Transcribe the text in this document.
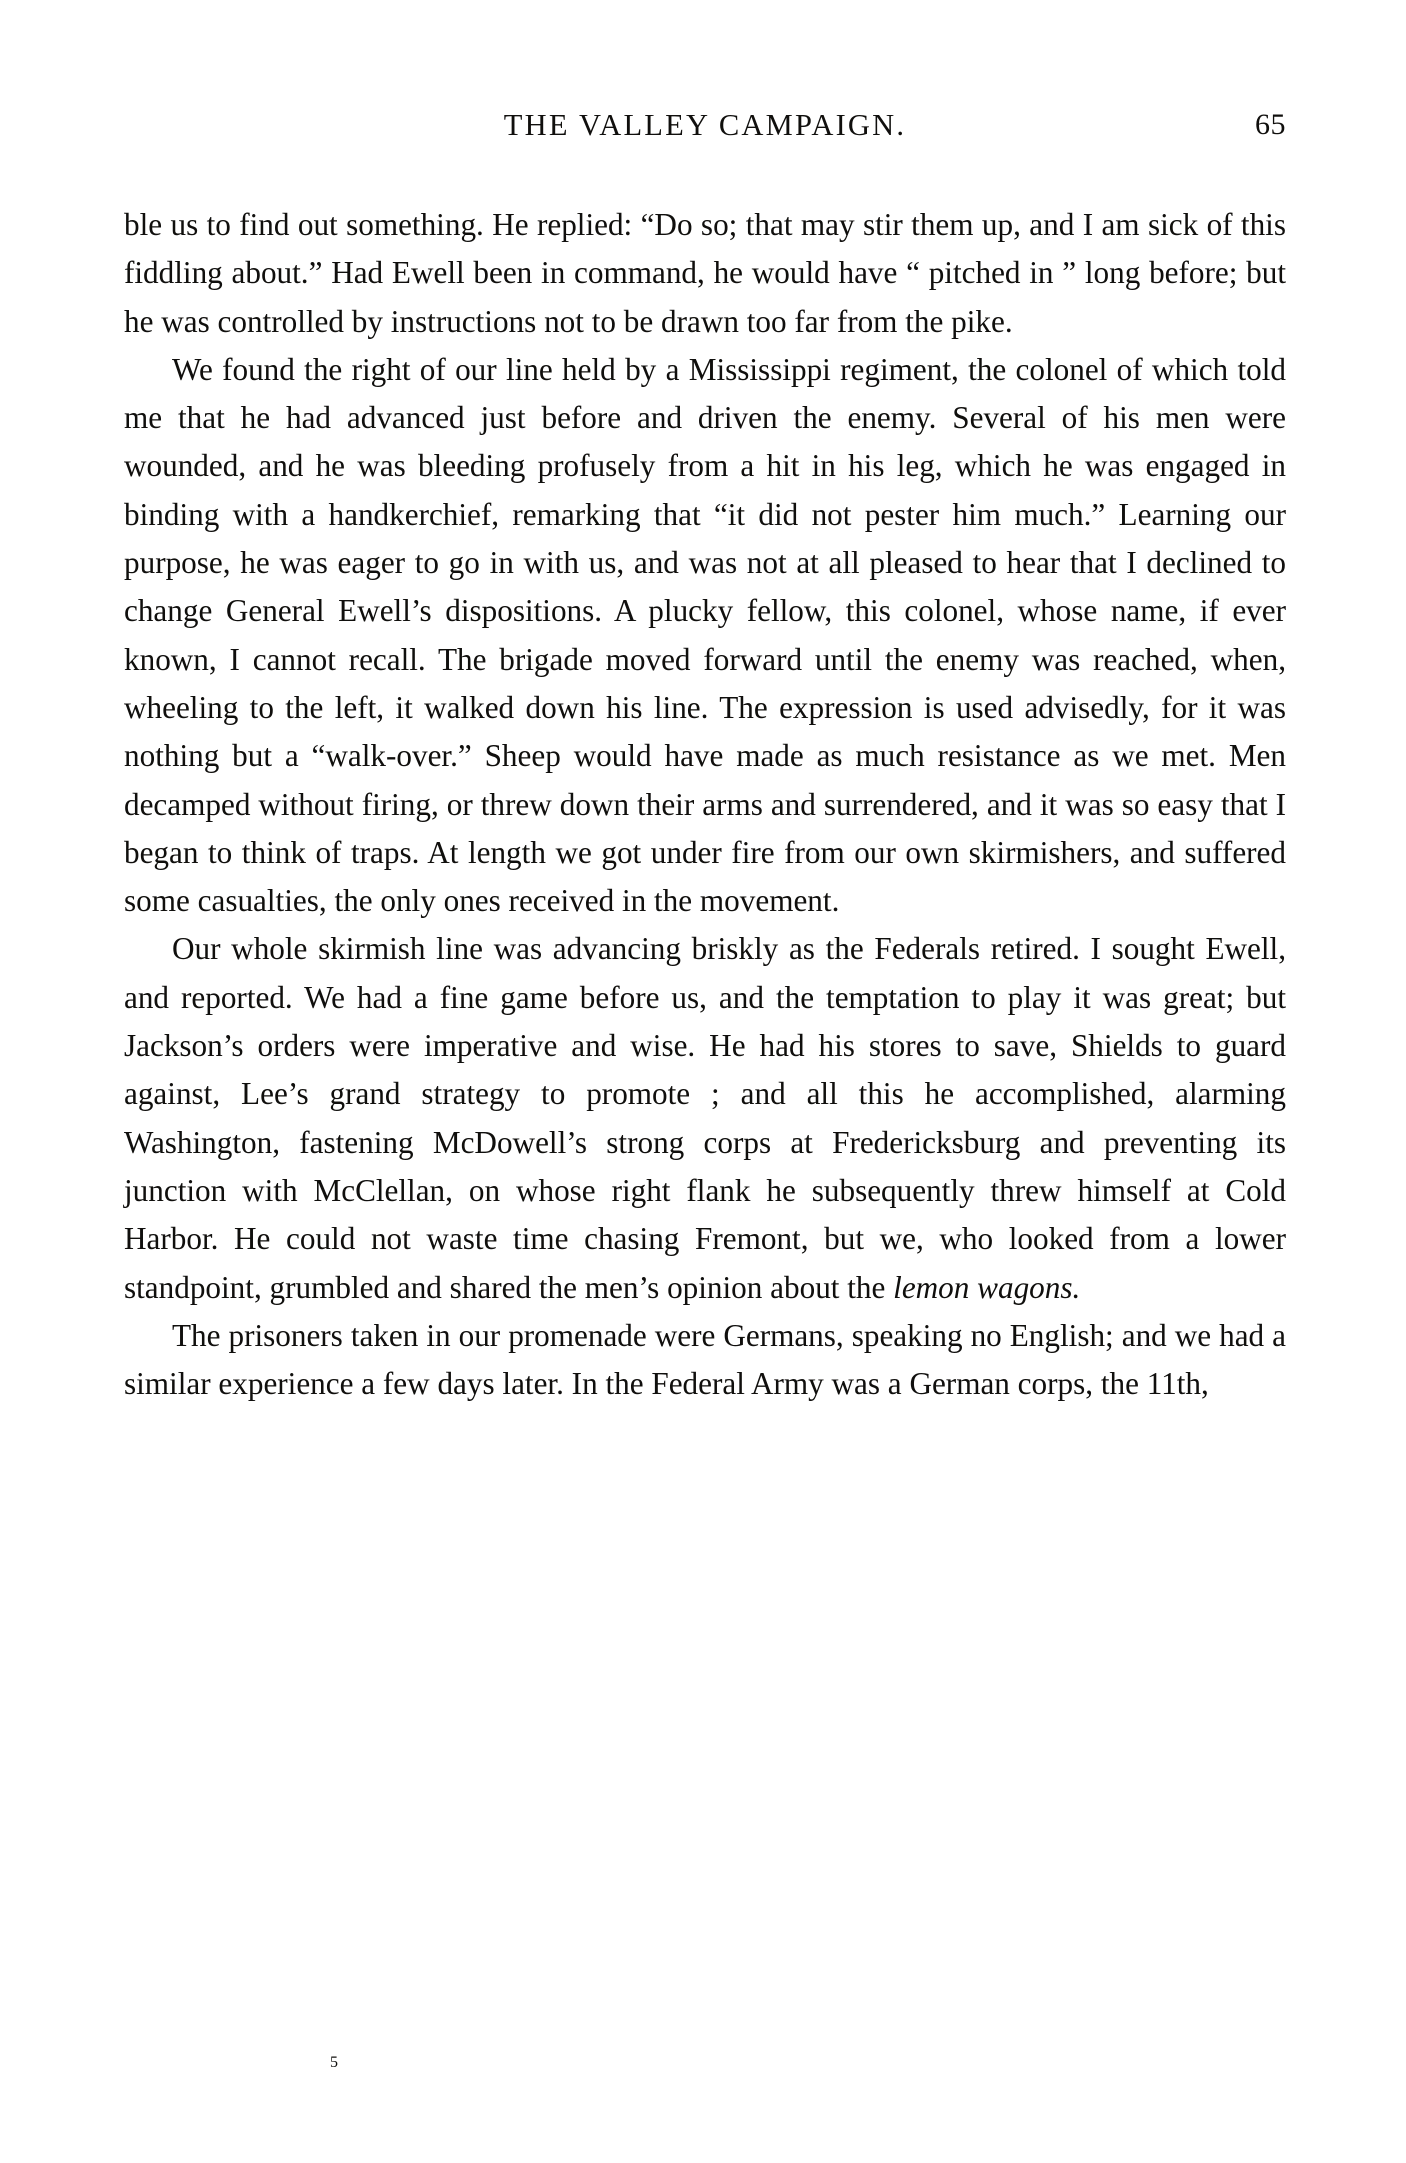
THE VALLEY CAMPAIGN.	65

ble us to find out something. He replied: “Do so; that may stir them up, and I am sick of this fiddling about.” Had Ewell been in command, he would have “ pitched in ” long before; but he was controlled by instructions not to be drawn too far from the pike.

We found the right of our line held by a Mississippi regiment, the colonel of which told me that he had advanced just before and driven the enemy. Several of his men were wounded, and he was bleeding profusely from a hit in his leg, which he was engaged in binding with a handkerchief, remarking that “it did not pester him much.” Learning our purpose, he was eager to go in with us, and was not at all pleased to hear that I declined to change General Ewell’s dispositions. A plucky fellow, this colonel, whose name, if ever known, I cannot recall. The brigade moved forward until the enemy was reached, when, wheeling to the left, it walked down his line. The expression is used advisedly, for it was nothing but a “walk-over.” Sheep would have made as much resistance as we met. Men decamped without firing, or threw down their arms and surrendered, and it was so easy that I began to think of traps. At length we got under fire from our own skirmishers, and suffered some casualties, the only ones received in the movement.

Our whole skirmish line was advancing briskly as the Federals retired. I sought Ewell, and reported. We had a fine game before us, and the temptation to play it was great; but Jackson’s orders were imperative and wise. He had his stores to save, Shields to guard against, Lee’s grand strategy to promote ; and all this he accomplished, alarming Washington, fastening McDowell’s strong corps at Fredericksburg and preventing its junction with McClellan, on whose right flank he subsequently threw himself at Cold Harbor. He could not waste time chasing Fremont, but we, who looked from a lower standpoint, grumbled and shared the men’s opinion about the lemon wagons.

The prisoners taken in our promenade were Germans, speaking no English; and we had a similar experience a few days later. In the Federal Army was a German corps, the 11th,

5
